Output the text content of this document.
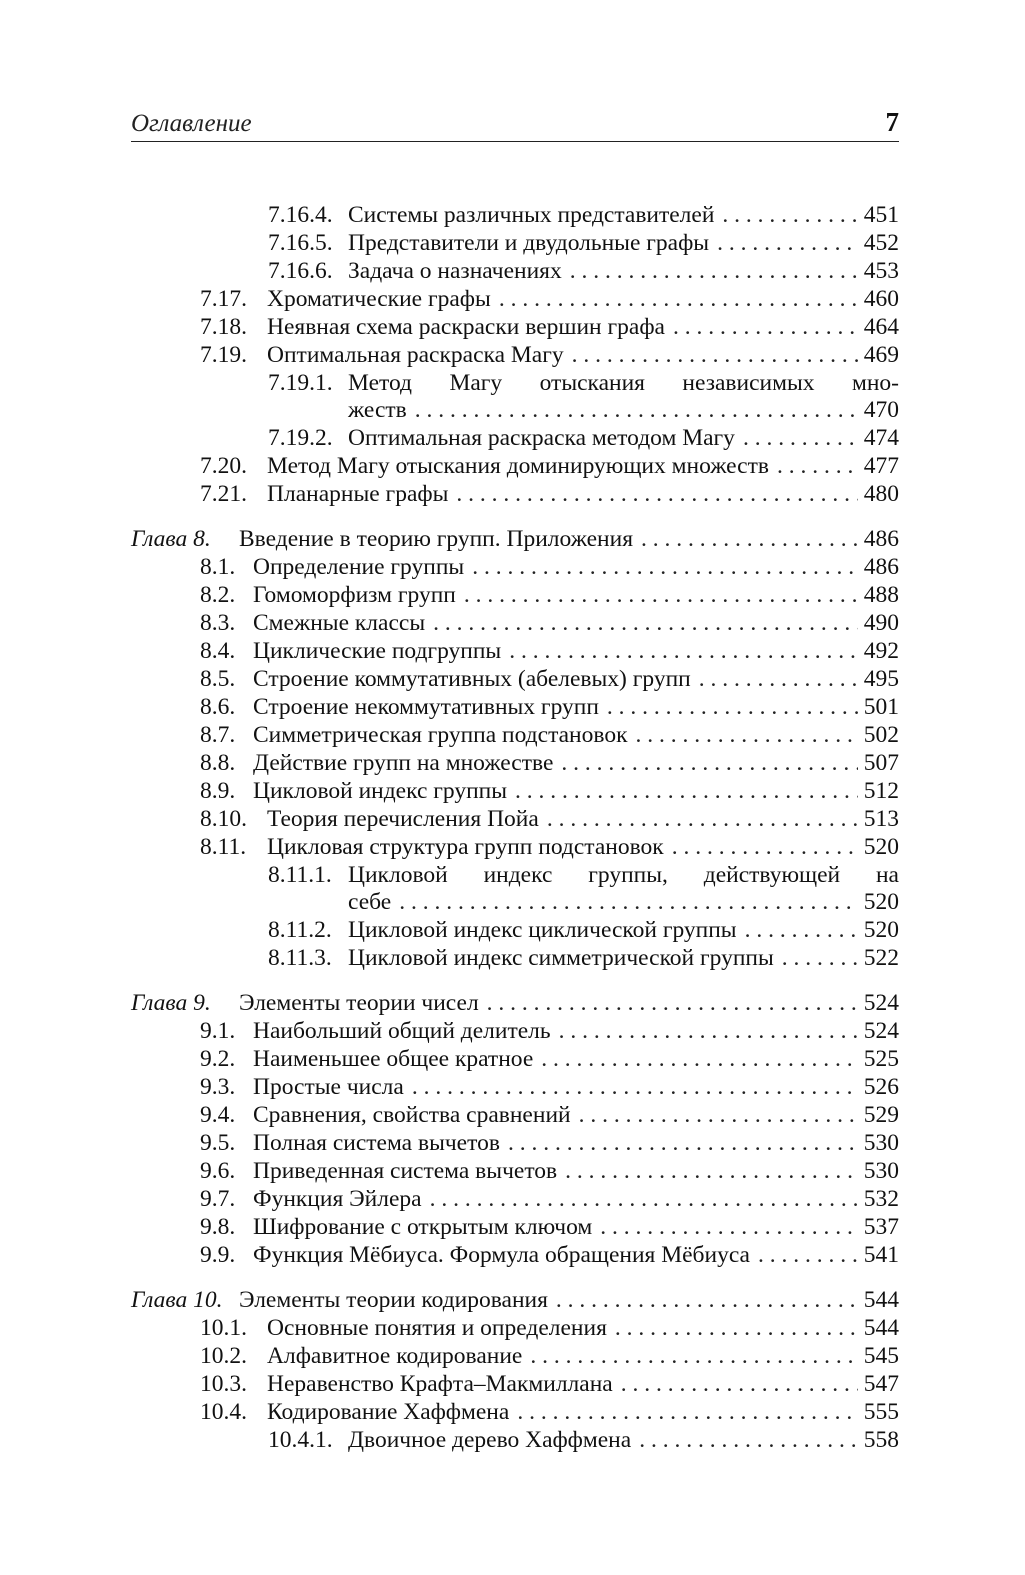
Оглавление	7
7.16.4. Системы различных представителей . . .	451
7.16.5. Представители и двудольные графы . . .	452
7.16.6. Задача о назначениях . . .	453
7.17. Хроматические графы . . .	460
7.18. Неявная схема раскраски вершин графа . . .	464
7.19. Оптимальная раскраска Магу . . .	469
7.19.1. Метод Магу отыскания независимых мно-
жеств . . .	470
7.19.2. Оптимальная раскраска методом Магу . . .	474
7.20. Метод Магу отыскания доминирующих множеств . . .	477
7.21. Планарные графы . . .	480
Глава 8.	Введение в теорию групп. Приложения . . .	486
8.1. Определение группы . . .	486
8.2. Гомоморфизм групп . . .	488
8.3. Смежные классы . . .	490
8.4. Циклические подгруппы . . .	492
8.5. Строение коммутативных (абелевых) групп . . .	495
8.6. Строение некоммутативных групп . . .	501
8.7. Симметрическая группа подстановок . . .	502
8.8. Действие групп на множестве . . .	507
8.9. Цикловой индекс группы . . .	512
8.10. Теория перечисления Пойа . . .	513
8.11. Цикловая структура групп подстановок . . .	520
8.11.1. Цикловой индекс группы, действующей на
себе . . .	520
8.11.2. Цикловой индекс циклической группы . . .	520
8.11.3. Цикловой индекс симметрической группы . . .	522
Глава 9.	Элементы теории чисел . . .	524
9.1. Наибольший общий делитель . . .	524
9.2. Наименьшее общее кратное . . .	525
9.3. Простые числа . . .	526
9.4. Сравнения, свойства сравнений . . .	529
9.5. Полная система вычетов . . .	530
9.6. Приведенная система вычетов . . .	530
9.7. Функция Эйлера . . .	532
9.8. Шифрование с открытым ключом . . .	537
9.9. Функция Мёбиуса. Формула обращения Мёбиуса . . .	541
Глава 10. Элементы теории кодирования . . .	544
10.1. Основные понятия и определения . . .	544
10.2. Алфавитное кодирование . . .	545
10.3. Неравенство Крафта–Макмиллана . . .	547
10.4. Кодирование Хаффмена . . .	555
10.4.1. Двоичное дерево Хаффмена . . .	558
